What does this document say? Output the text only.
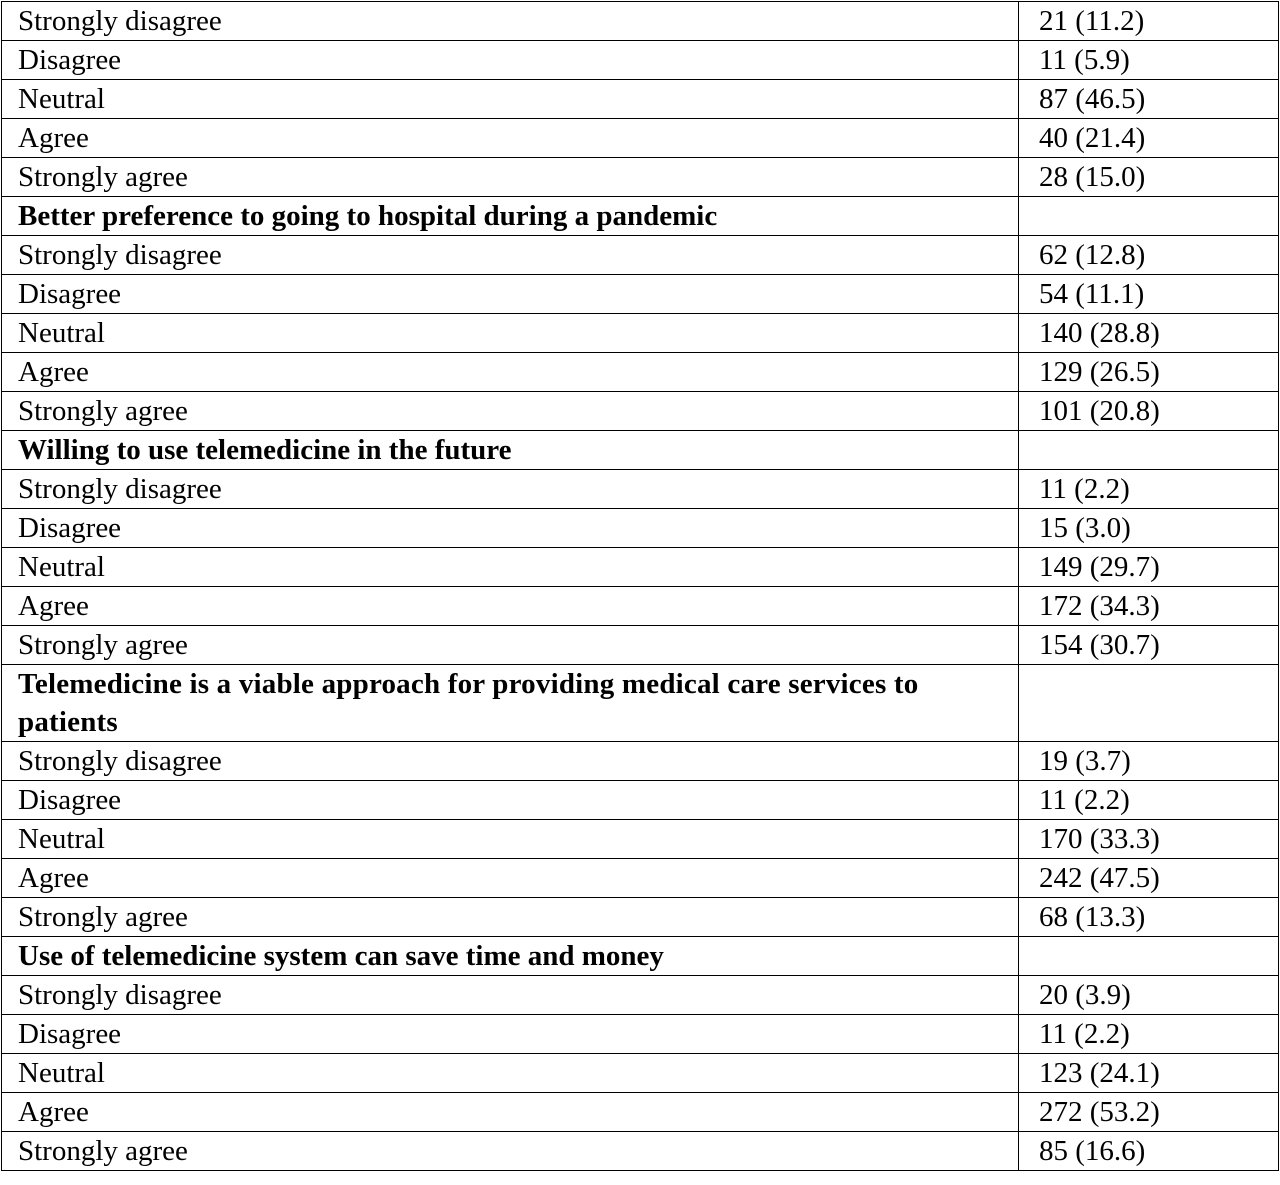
Strongly disagree	21 (11.2)
Disagree	11 (5.9)
Neutral	87 (46.5)
Agree	40 (21.4)
Strongly agree	28 (15.0)
Better preference to going to hospital during a pandemic	
Strongly disagree	62 (12.8)
Disagree	54 (11.1)
Neutral	140 (28.8)
Agree	129 (26.5)
Strongly agree	101 (20.8)
Willing to use telemedicine in the future	
Strongly disagree	11 (2.2)
Disagree	15 (3.0)
Neutral	149 (29.7)
Agree	172 (34.3)
Strongly agree	154 (30.7)
Telemedicine is a viable approach for providing medical care services to patients	
Strongly disagree	19 (3.7)
Disagree	11 (2.2)
Neutral	170 (33.3)
Agree	242 (47.5)
Strongly agree	68 (13.3)
Use of telemedicine system can save time and money	
Strongly disagree	20 (3.9)
Disagree	11 (2.2)
Neutral	123 (24.1)
Agree	272 (53.2)
Strongly agree	85 (16.6)
